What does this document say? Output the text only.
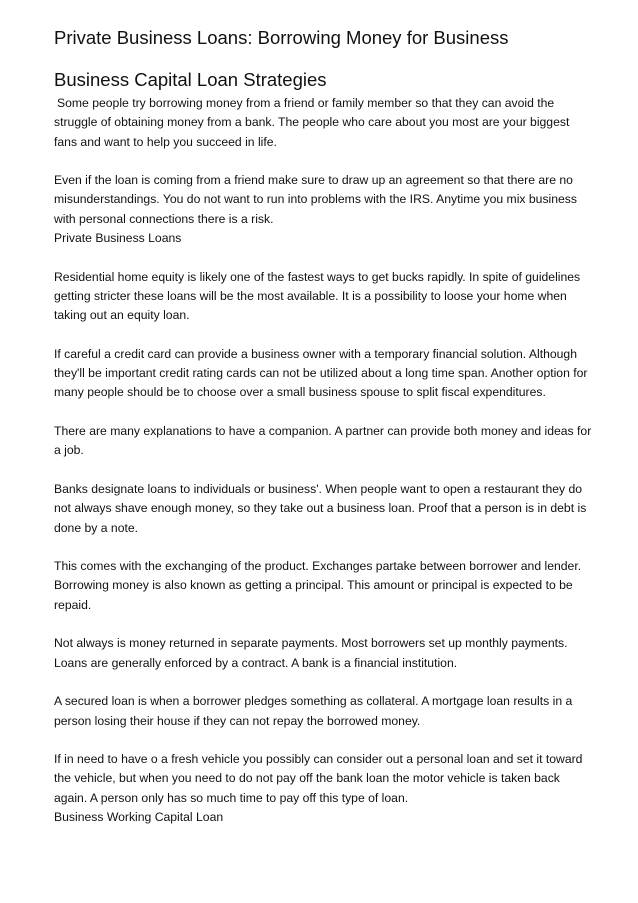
Private Business Loans: Borrowing Money for Business
Business Capital Loan Strategies

Some people try borrowing money from a friend or family member so that they can avoid the struggle of obtaining money from a bank. The people who care about you most are your biggest fans and want to help you succeed in life.

Even if the loan is coming from a friend make sure to draw up an agreement so that there are no misunderstandings. You do not want to run into problems with the IRS. Anytime you mix business with personal connections there is a risk.

Private Business Loans

Residential home equity is likely one of the fastest ways to get bucks rapidly. In spite of guidelines getting stricter these loans will be the most available. It is a possibility to loose your home when taking out an equity loan.

If careful a credit card can provide a business owner with a temporary financial solution. Although they'll be important credit rating cards can not be utilized about a long time span. Another option for many people should be to choose over a small business spouse to split fiscal expenditures.

There are many explanations to have a companion. A partner can provide both money and ideas for a job.

Banks designate loans to individuals or business'. When people want to open a restaurant they do not always shave enough money, so they take out a business loan. Proof that a person is in debt is done by a note.

This comes with the exchanging of the product. Exchanges partake between borrower and lender. Borrowing money is also known as getting a principal. This amount or principal is expected to be repaid.

Not always is money returned in separate payments. Most borrowers set up monthly payments. Loans are generally enforced by a contract. A bank is a financial institution.

A secured loan is when a borrower pledges something as collateral. A mortgage loan results in a person losing their house if they can not repay the borrowed money.

If in need to have o a fresh vehicle you possibly can consider out a personal loan and set it toward the vehicle, but when you need to do not pay off the bank loan the motor vehicle is taken back again. A person only has so much time to pay off this type of loan.

Business Working Capital Loan
